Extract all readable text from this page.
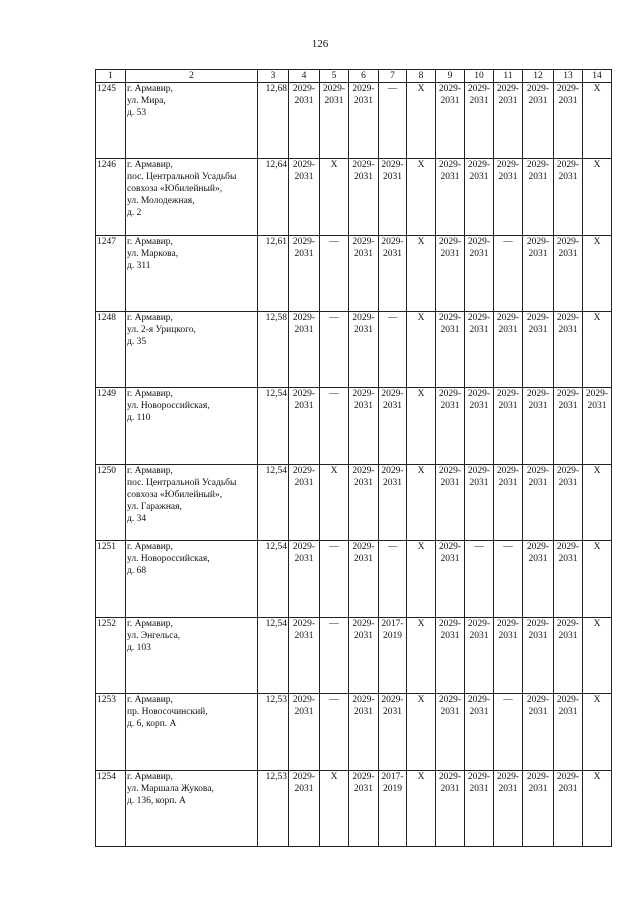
126
1	2	3	4	5	6	7	8	9	10	11	12	13	14
1245	г. Армавир,
ул. Мира,
д. 53	12,68	2029-
2031	2029-
2031	2029-
2031	—	X	2029-
2031	2029-
2031	2029-
2031	2029-
2031	2029-
2031	X
1246	г. Армавир,
пос. Центральной Усадьбы
совхоза «Юбилейный»,
ул. Молодежная,
д. 2	12,64	2029-
2031	X	2029-
2031	2029-
2031	X	2029-
2031	2029-
2031	2029-
2031	2029-
2031	2029-
2031	X
1247	г. Армавир,
ул. Маркова,
д. 311	12,61	2029-
2031	—	2029-
2031	2029-
2031	X	2029-
2031	2029-
2031	—	2029-
2031	2029-
2031	X
1248	г. Армавир,
ул. 2-я Урицкого,
д. 35	12,58	2029-
2031	—	2029-
2031	—	X	2029-
2031	2029-
2031	2029-
2031	2029-
2031	2029-
2031	X
1249	г. Армавир,
ул. Новороссийская,
д. 110	12,54	2029-
2031	—	2029-
2031	2029-
2031	X	2029-
2031	2029-
2031	2029-
2031	2029-
2031	2029-
2031	2029-
2031

1250	г. Армавир,
пос. Центральной Усадьбы
совхоза «Юбилейный»,
ул. Гаражная,
д. 34	12,54	2029-
2031	X	2029-
2031	2029-
2031	X	2029-
2031	2029-
2031	2029-
2031	2029-
2031	2029-
2031	X
1251	г. Армавир,
ул. Новороссийская,
д. 68	12,54	2029-
2031	—	2029-
2031	—	X	2029-
2031	—	—	2029-
2031	2029-
2031	X
1252	г. Армавир,
ул. Энгельса,
д. 103	12,54	2029-
2031	—	2029-
2031	2017-
2019	X	2029-
2031	2029-
2031	2029-
2031	2029-
2031	2029-
2031	X
1253	г. Армавир,
пр. Новосочинский,
д. 6, корп. А	12,53	2029-
2031	—	2029-
2031	2029-
2031	X	2029-
2031	2029-
2031	—	2029-
2031	2029-
2031	X
1254	г. Армавир,
ул. Маршала Жукова,
д. 136, корп. А	12,53	2029-
2031	X	2029-
2031	2017-
2019	X	2029-
2031	2029-
2031	2029-
2031	2029-
2031	2029-
2031	X
